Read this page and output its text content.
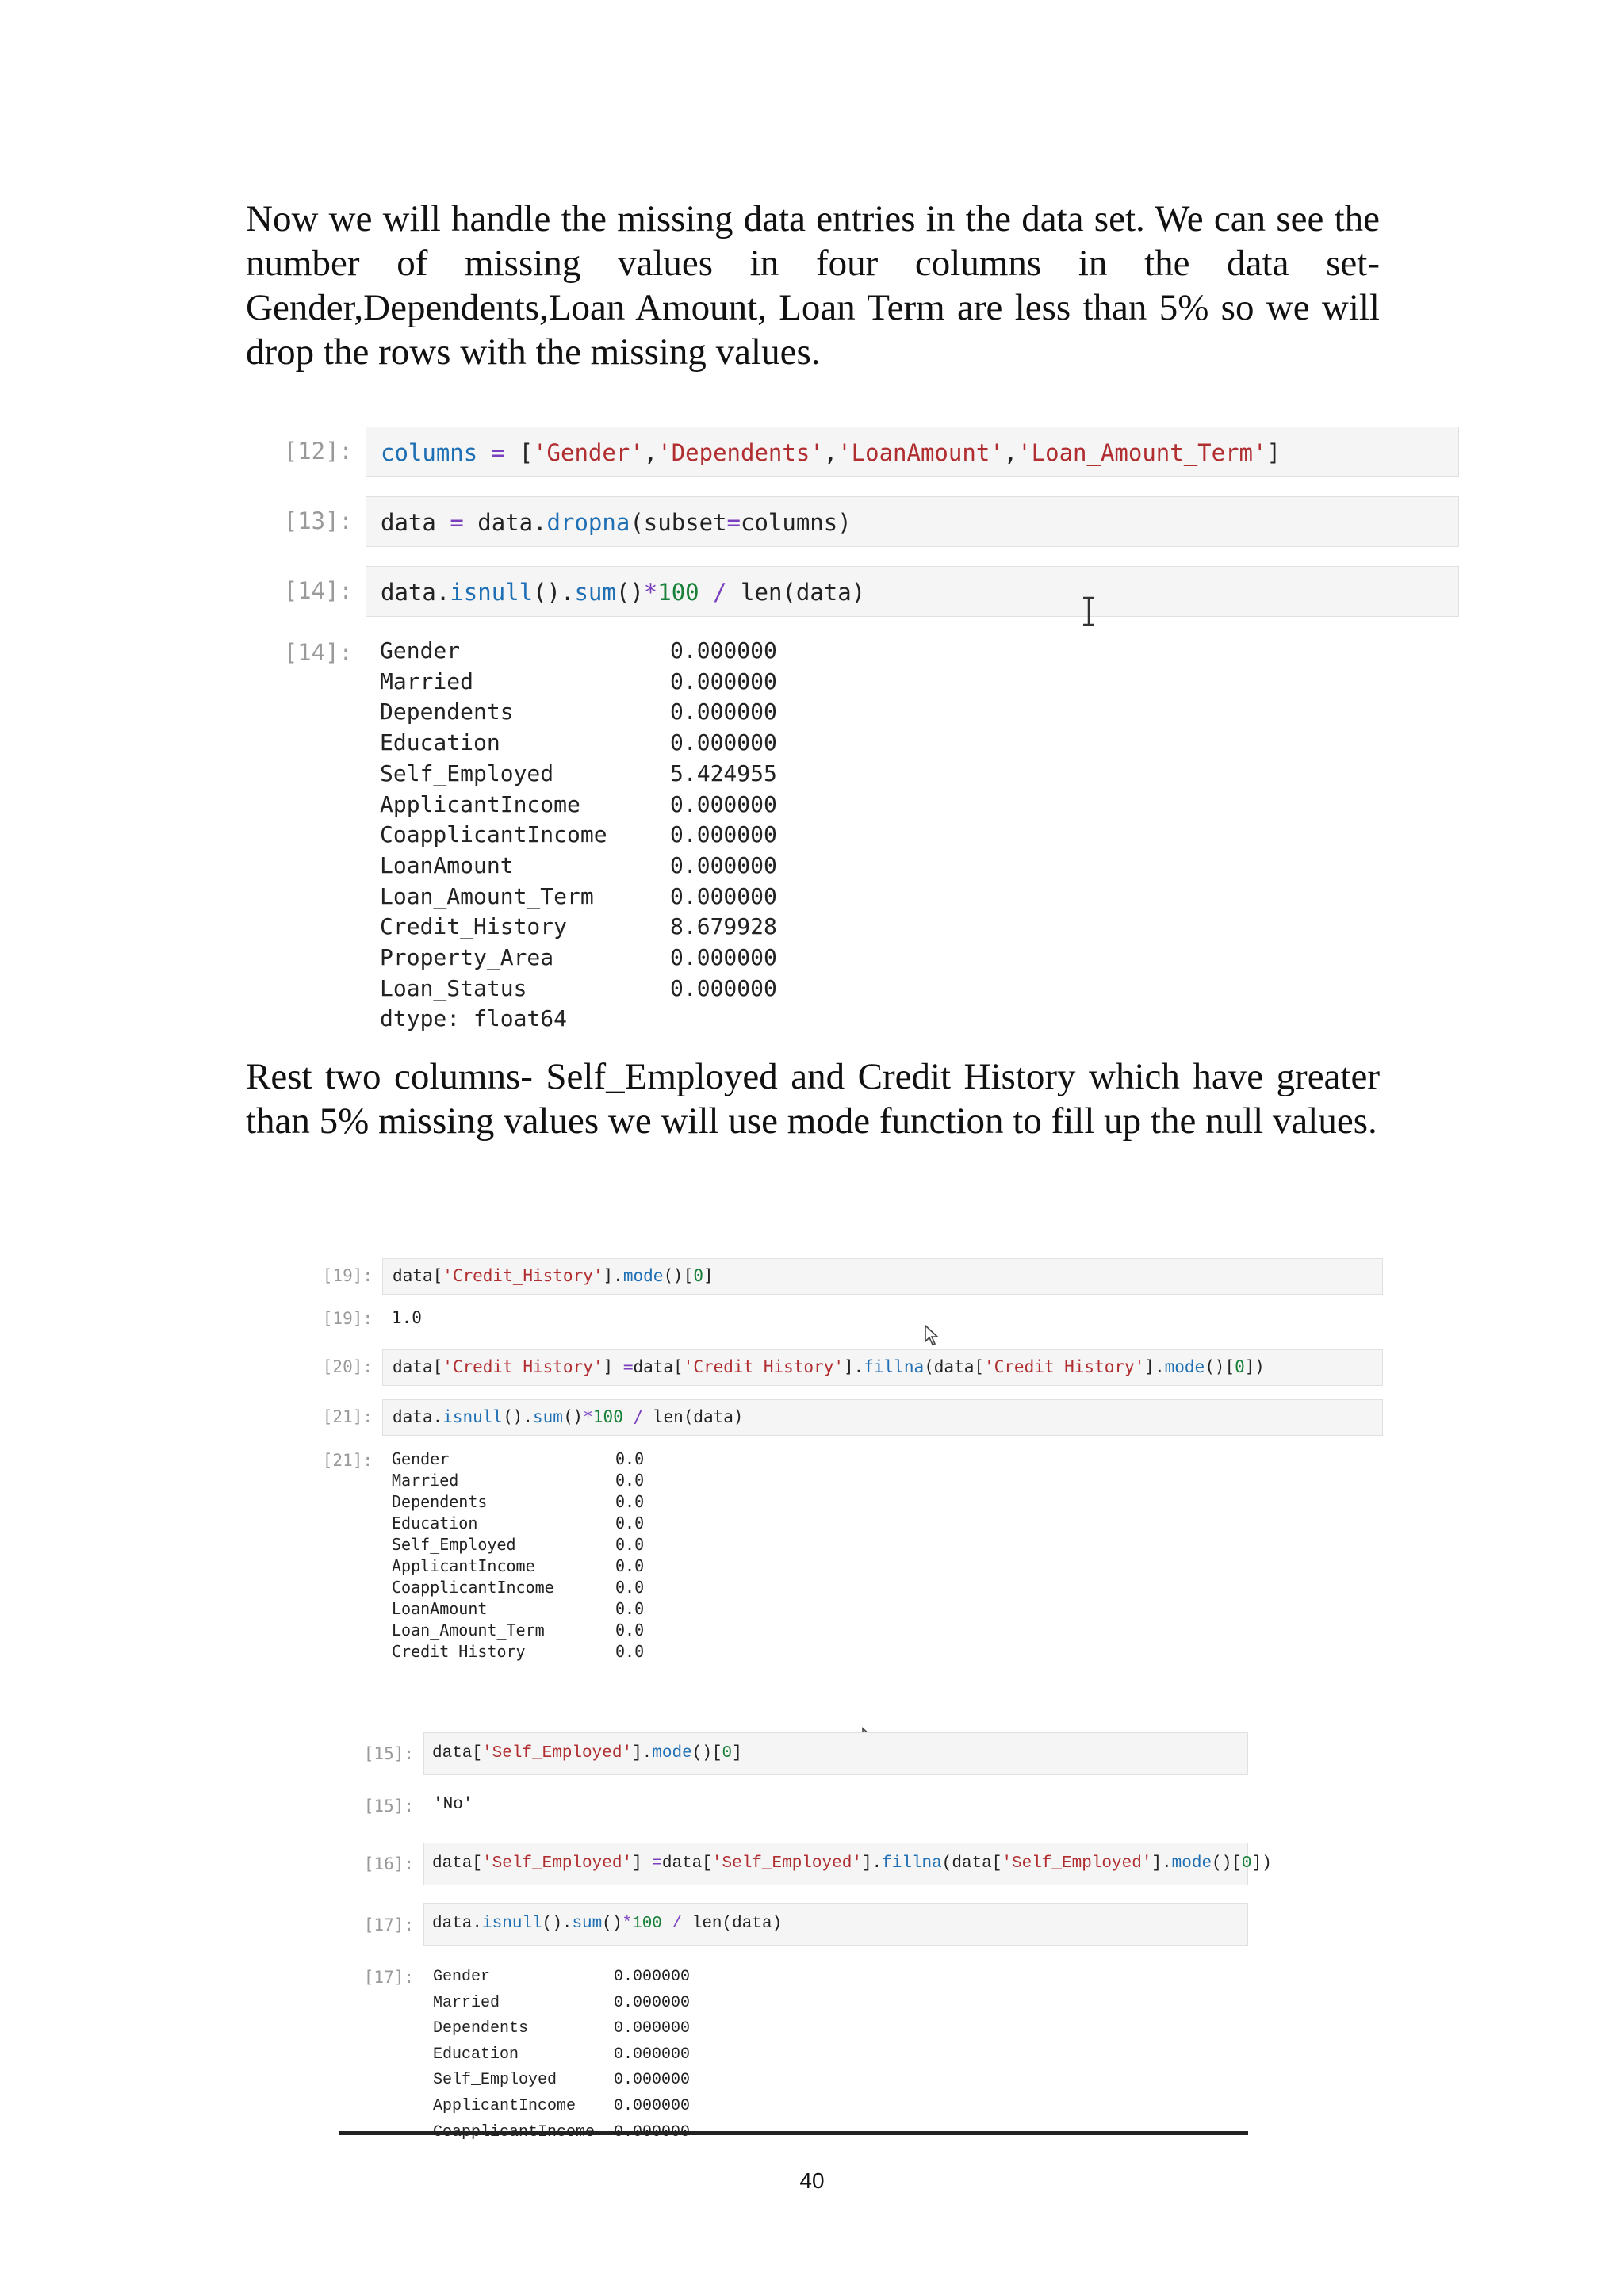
Now we will handle the missing data entries in the data set. We can see the number of missing values in four columns in the data set-Gender,Dependents,Loan Amount, Loan Term are less than 5% so we will drop the rows with the missing values.

[12]:	columns = ['Gender','Dependents','LoanAmount','Loan_Amount_Term']
[13]:	data = data.dropna(subset=columns)
[14]:	data.isnull().sum()*100 / len(data)
[14]: Gender	0.000000
Married	0.000000
Dependents	0.000000
Education	0.000000
Self_Employed	5.424955
ApplicantIncome	0.000000
CoapplicantIncome	0.000000
LoanAmount	0.000000
Loan_Amount_Term	0.000000
Credit_History	8.679928
Property_Area	0.000000
Loan_Status	0.000000
dtype: float64

Rest two columns- Self_Employed and Credit History which have greater than 5% missing values we will use mode function to fill up the null values.

[19]:	data['Credit_History'].mode()[0]
[19]: 1.0
[20]:	data['Credit_History'] =data['Credit_History'].fillna(data['Credit_History'].mode()[0])
[21]:	data.isnull().sum()*100 / len(data)
[21]: Gender	0.0
Married	0.0
Dependents	0.0
Education	0.0
Self_Employed	0.0
ApplicantIncome	0.0
CoapplicantIncome	0.0
LoanAmount	0.0
Loan_Amount_Term	0.0
Credit History	0.0
[15]:	data['Self_Employed'].mode()[0]
[15]: 'No'
[16]:	data['Self_Employed'] =data['Self_Employed'].fillna(data['Self_Employed'].mode()[0])
[17]:	data.isnull().sum()*100 / len(data)
[17]: Gender	0.000000
Married	0.000000
Dependents	0.000000
Education	0.000000
Self_Employed	0.000000
ApplicantIncome 0.000000
40
